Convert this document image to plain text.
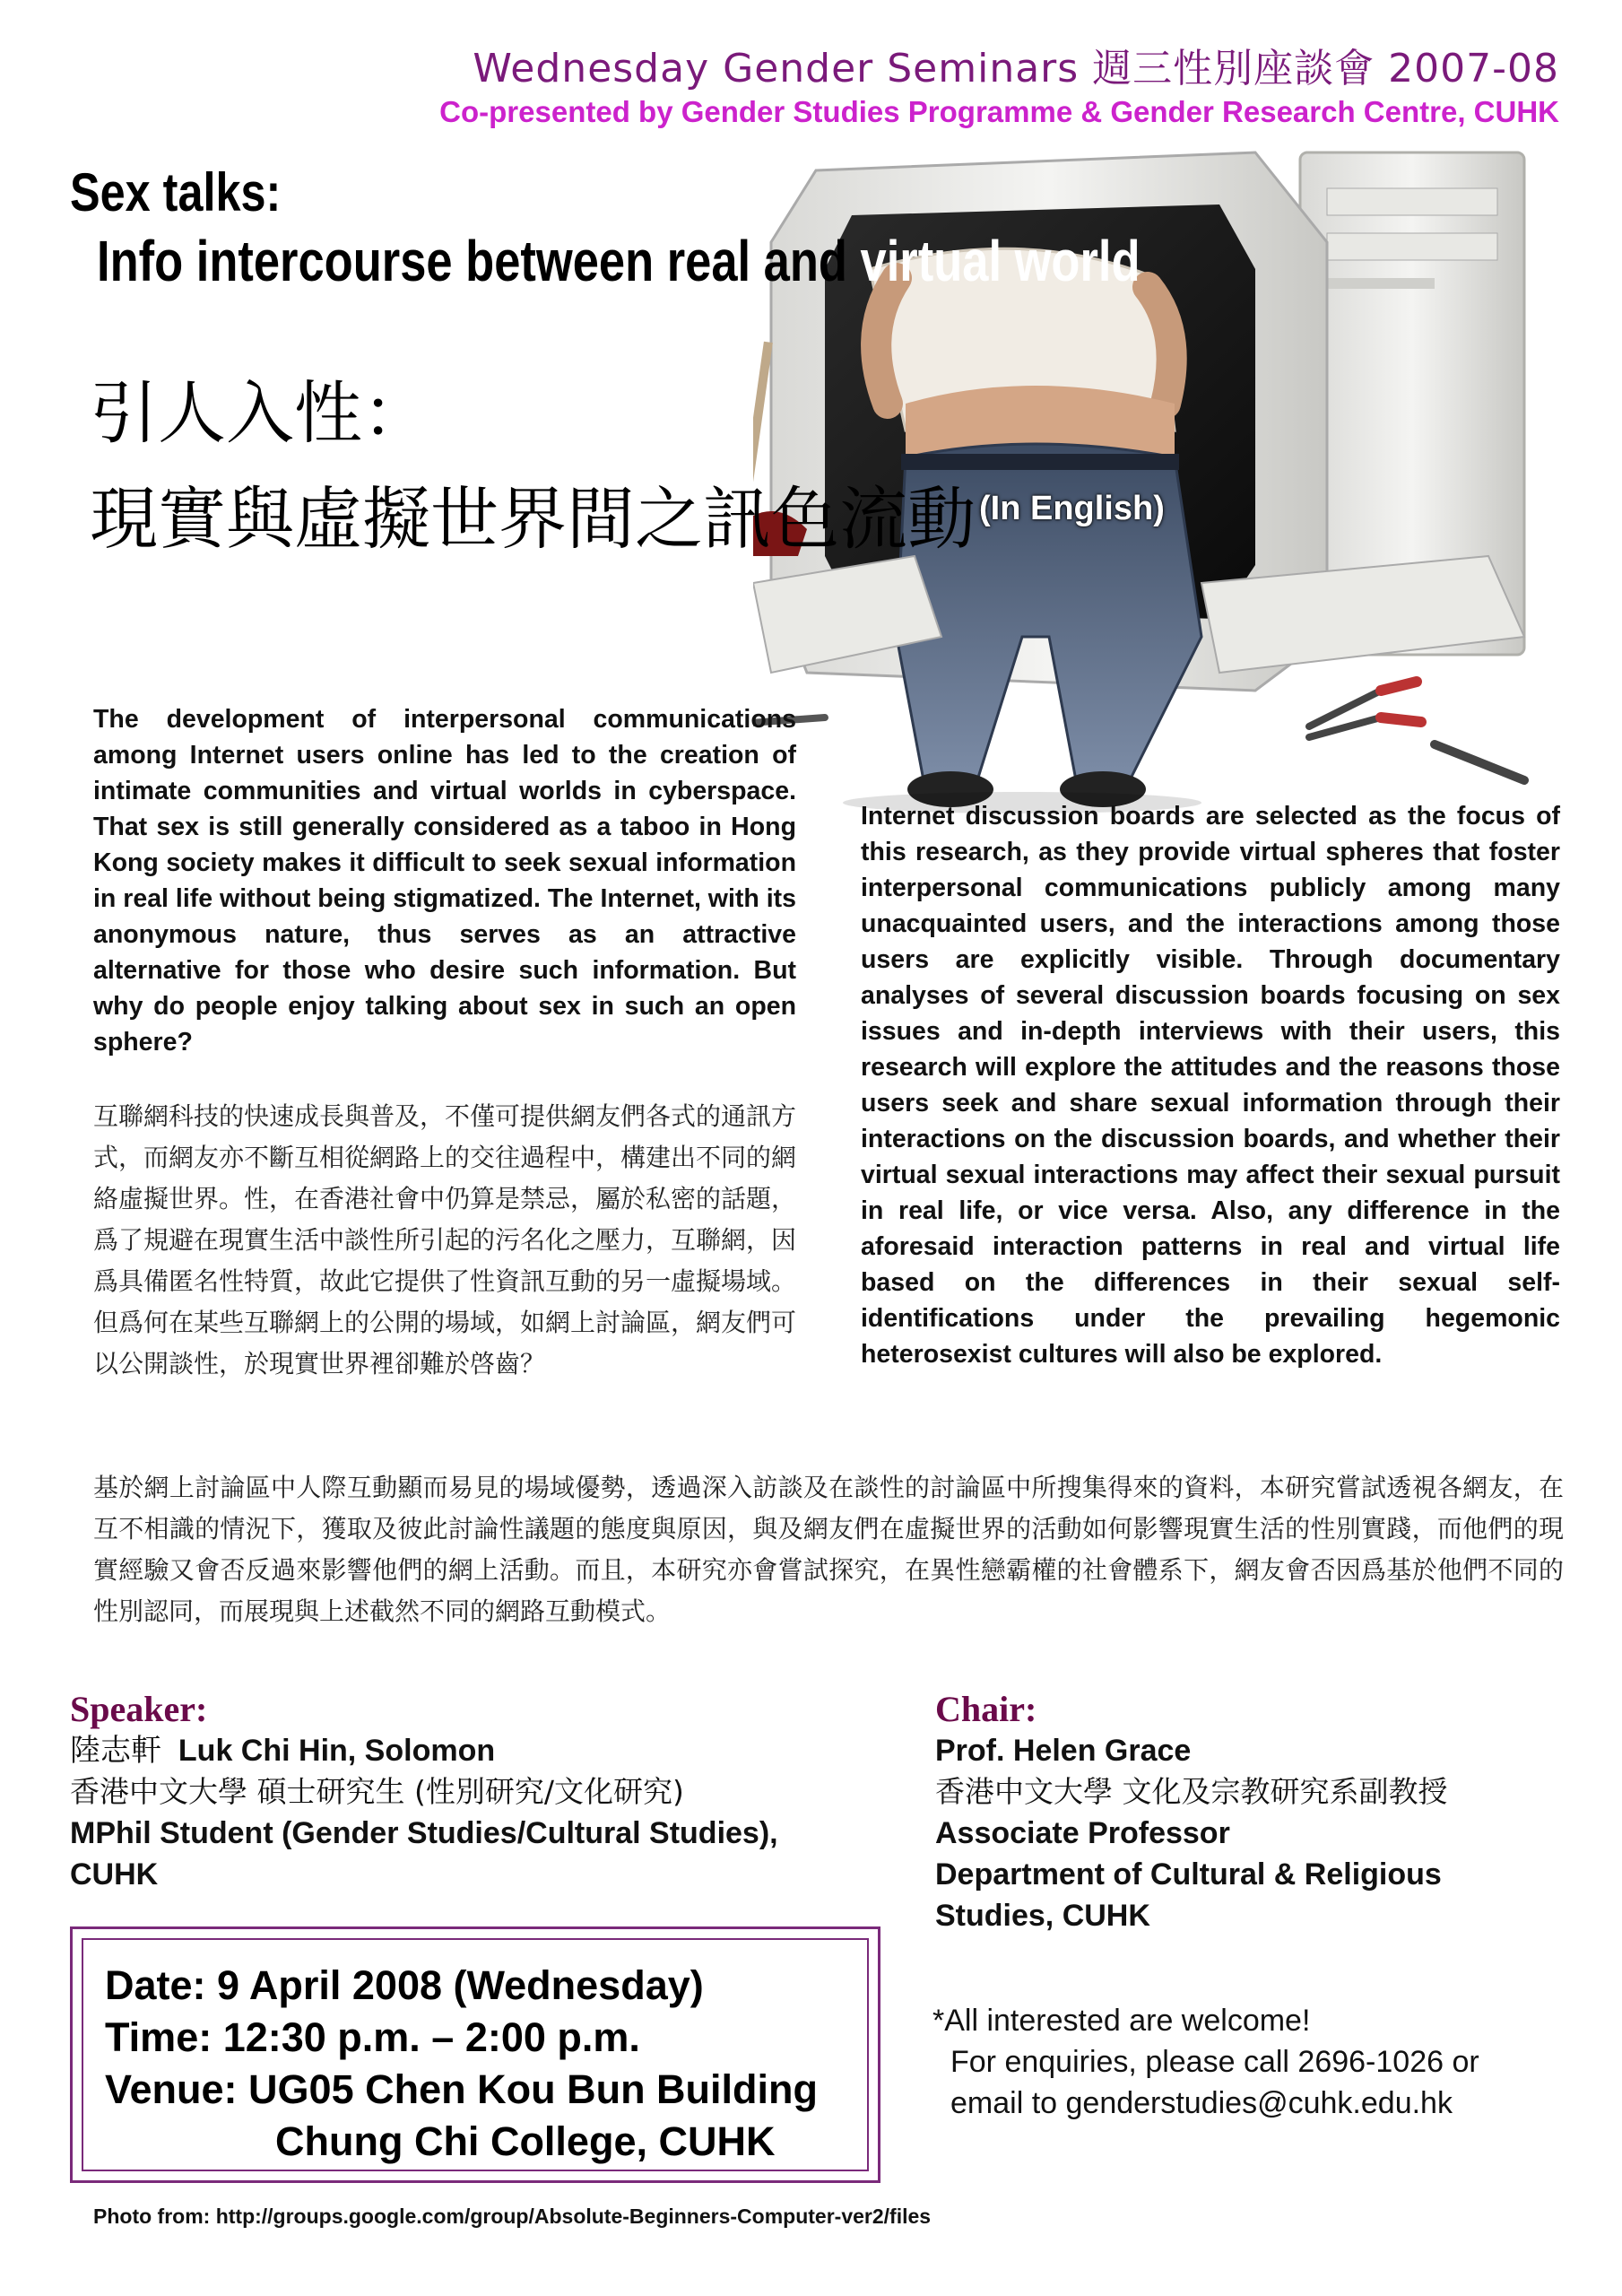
Wednesday Gender Seminars 週三性別座談會 2007-08
Co-presented by Gender Studies Programme & Gender Research Centre, CUHK
Sex talks:
Info intercourse between real and virtual world
引人入性：
現實與虛擬世界間之訊色流動 (In English)
The development of interpersonal communications among Internet users online has led to the creation of intimate communities and virtual worlds in cyberspace. That sex is still generally considered as a taboo in Hong Kong society makes it difficult to seek sexual information in real life without being stigmatized. The Internet, with its anonymous nature, thus serves as an attractive alternative for those who desire such information. But why do people enjoy talking about sex in such an open sphere?
互聯網科技的快速成長與普及，不僅可提供網友們各式的通訊方式，而網友亦不斷互相從網路上的交往過程中，構建出不同的網絡虛擬世界。性，在香港社會中仍算是禁忌，屬於私密的話題，爲了規避在現實生活中談性所引起的污名化之壓力，互聯網，因爲具備匿名性特質，故此它提供了性資訊互動的另一虛擬場域。但爲何在某些互聯網上的公開的場域，如網上討論區，網友們可以公開談性，於現實世界裡卻難於啓齒？
Internet discussion boards are selected as the focus of this research, as they provide virtual spheres that foster interpersonal communications publicly among many unacquainted users, and the interactions among those users are explicitly visible. Through documentary analyses of several discussion boards focusing on sex issues and in-depth interviews with their users, this research will explore the attitudes and the reasons those users seek and share sexual information through their interactions on the discussion boards, and whether their virtual sexual interactions may affect their sexual pursuit in real life, or vice versa. Also, any difference in the aforesaid interaction patterns in real and virtual life based on the differences in their sexual self-identifications under the prevailing hegemonic heterosexist cultures will also be explored.
基於網上討論區中人際互動顯而易見的場域優勢，透過深入訪談及在談性的討論區中所搜集得來的資料，本研究嘗試透視各網友，在互不相識的情況下，獲取及彼此討論性議題的態度與原因，與及網友們在虛擬世界的活動如何影響現實生活的性別實踐，而他們的現實經驗又會否反過來影響他們的網上活動。而且，本研究亦會嘗試探究，在異性戀霸權的社會體系下，網友會否因爲基於他們不同的性別認同，而展現與上述截然不同的網路互動模式。
Speaker:
陸志軒 Luk Chi Hin, Solomon
香港中文大學 碩士研究生 (性別研究/文化研究)
MPhil Student (Gender Studies/Cultural Studies),
CUHK
Chair:
Prof. Helen Grace
香港中文大學 文化及宗教研究系副教授
Associate Professor
Department of Cultural & Religious
Studies, CUHK
Date: 9 April 2008 (Wednesday)
Time: 12:30 p.m. – 2:00 p.m.
Venue: UG05 Chen Kou Bun Building
Chung Chi College, CUHK
*All interested are welcome!
For enquiries, please call 2696-1026 or
email to genderstudies@cuhk.edu.hk
Photo from: http://groups.google.com/group/Absolute-Beginners-Computer-ver2/files
